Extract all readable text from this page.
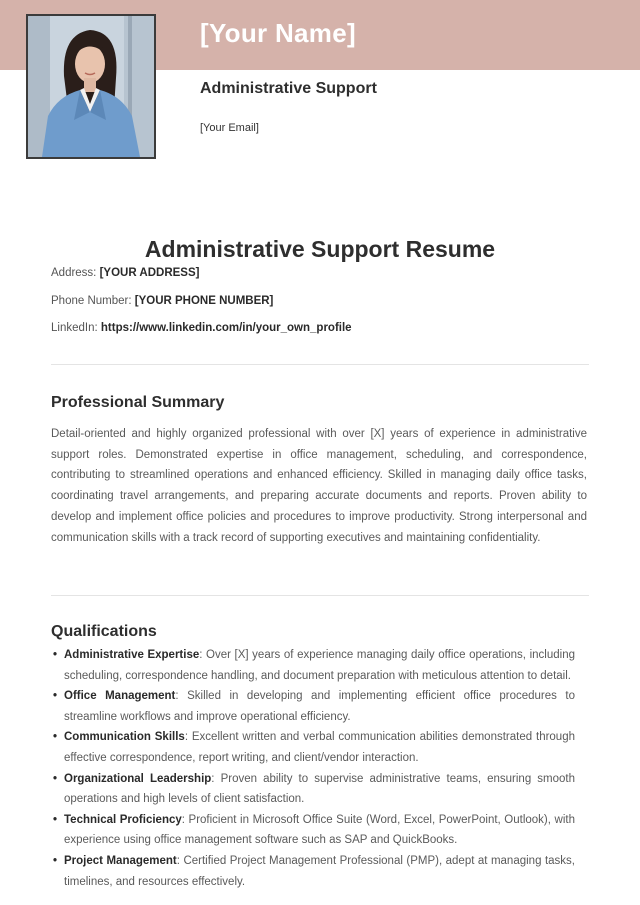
[Your Name]
Administrative Support
[Your Email]
Administrative Support Resume
Address: [YOUR ADDRESS]
Phone Number: [YOUR PHONE NUMBER]
LinkedIn: https://www.linkedin.com/in/your_own_profile
Professional Summary

Detail-oriented and highly organized professional with over [X] years of experience in administrative support roles. Demonstrated expertise in office management, scheduling, and correspondence, contributing to streamlined operations and enhanced efficiency. Skilled in managing daily office tasks, coordinating travel arrangements, and preparing accurate documents and reports. Proven ability to develop and implement office policies and procedures to improve productivity. Strong interpersonal and communication skills with a track record of supporting executives and maintaining confidentiality.

Qualifications
• Administrative Expertise: Over [X] years of experience managing daily office operations, including scheduling, correspondence handling, and document preparation with meticulous attention to detail.
• Office Management: Skilled in developing and implementing efficient office procedures to streamline workflows and improve operational efficiency.
• Communication Skills: Excellent written and verbal communication abilities demonstrated through effective correspondence, report writing, and client/vendor interaction.
• Organizational Leadership: Proven ability to supervise administrative teams, ensuring smooth operations and high levels of client satisfaction.
• Technical Proficiency: Proficient in Microsoft Office Suite (Word, Excel, PowerPoint, Outlook), with experience using office management software such as SAP and QuickBooks.
• Project Management: Certified Project Management Professional (PMP), adept at managing tasks, timelines, and resources effectively.
